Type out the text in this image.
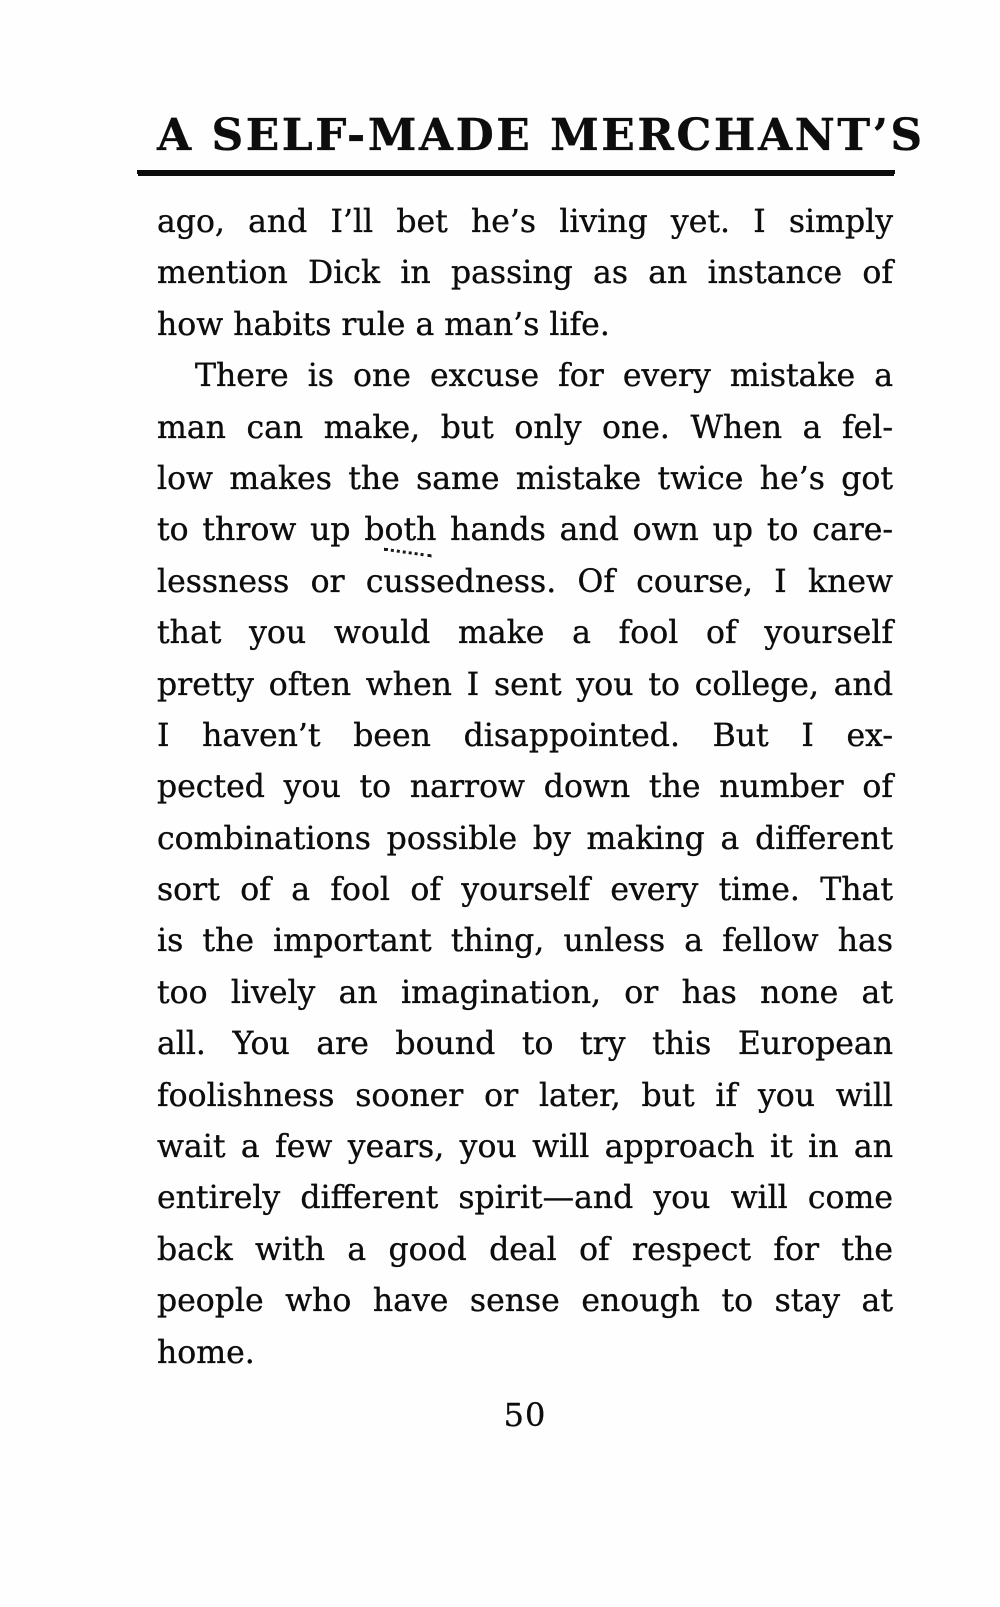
A SELF-MADE MERCHANT’S
ago, and I’ll bet he’s living yet. I simply
mention Dick in passing as an instance of
how habits rule a man’s life.
There is one excuse for every mistake a
man can make, but only one. When a fel-
low makes the same mistake twice he’s got
to throw up both hands and own up to care-
lessness or cussedness. Of course, I knew
that you would make a fool of yourself
pretty often when I sent you to college, and
I haven’t been disappointed. But I ex-
pected you to narrow down the number of
combinations possible by making a different
sort of a fool of yourself every time. That
is the important thing, unless a fellow has
too lively an imagination, or has none at
all. You are bound to try this European
foolishness sooner or later, but if you will
wait a few years, you will approach it in an
entirely different spirit—and you will come
back with a good deal of respect for the
people who have sense enough to stay at
home.
50
